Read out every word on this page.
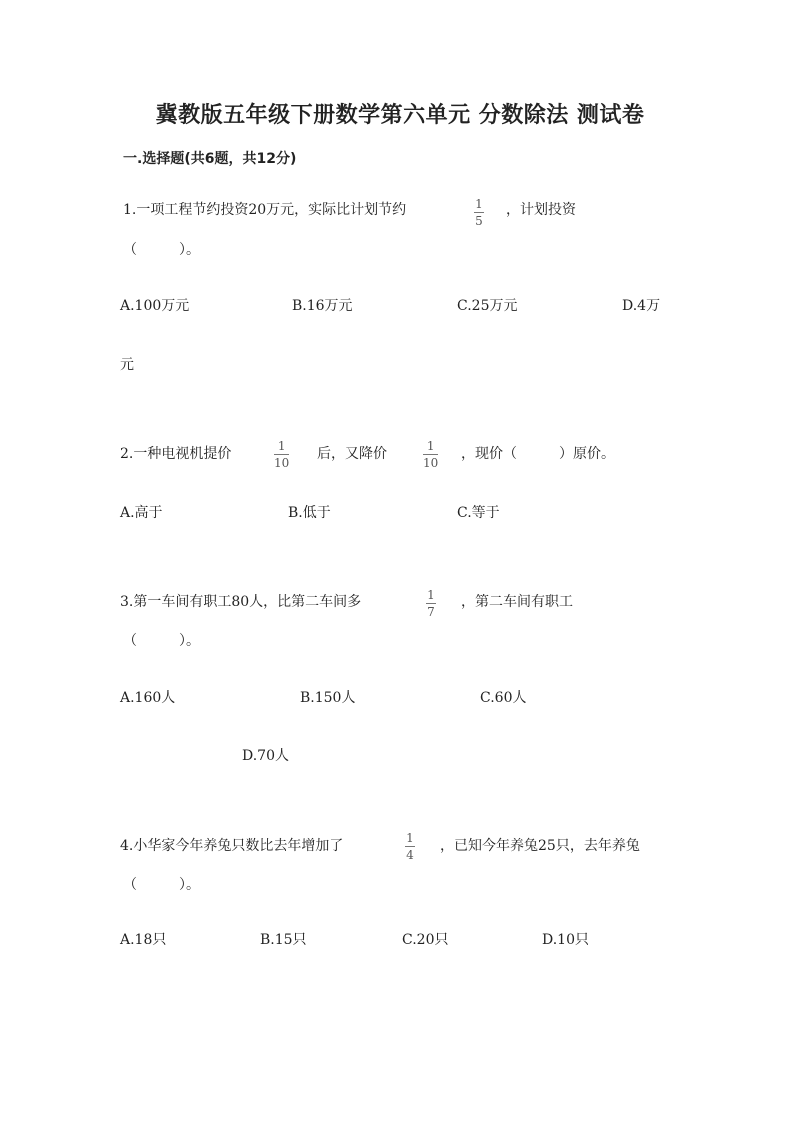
冀教版五年级下册数学第六单元 分数除法 测试卷
一.选择题(共6题，共12分)
1.一项工程节约投资20万元，实际比计划节约	1
5
，计划投资
（　　　）。
A.100万元	B.16万元	C.25万元	D.4万
元
2.一种电视机提价	1
10
后，又降价	1
10
，现价（　　　）原价。
A.高于	B.低于	C.等于
3.第一车间有职工80人，比第二车间多	1
7
，第二车间有职工
（　　　）。
A.160人	B.150人	C.60人
D.70人
4.小华家今年养兔只数比去年增加了	1
4
，已知今年养兔25只，去年养兔
（　　　）。
A.18只	B.15只	C.20只	D.10只
